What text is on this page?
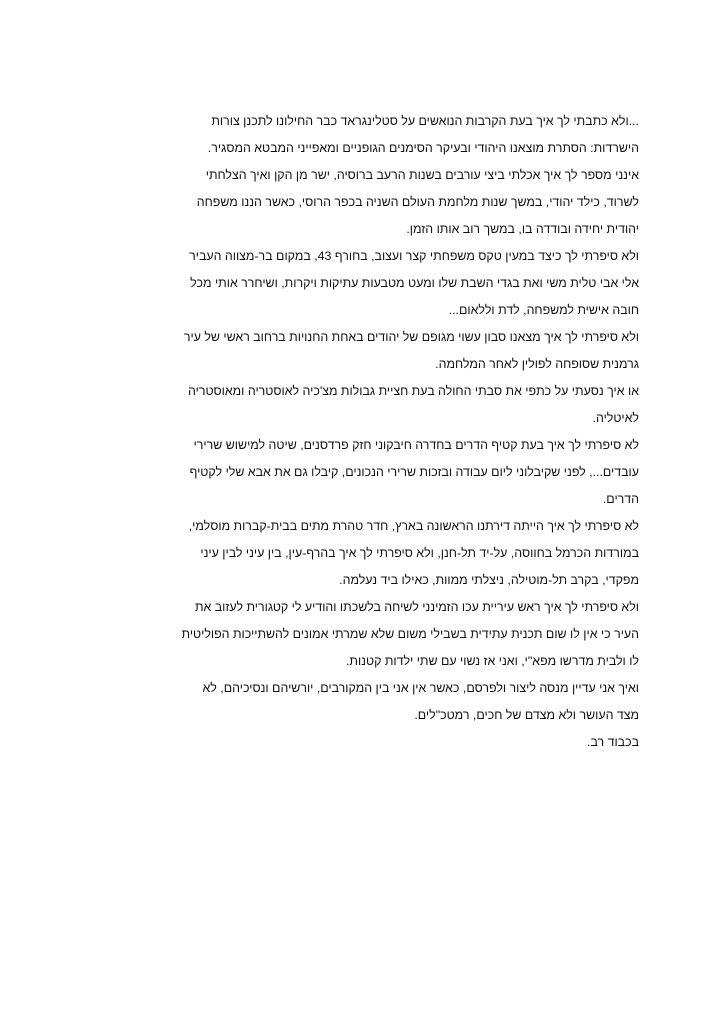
...ולא כתבתי לך איך בעת הקרבות הנואשים על סטלינגראד כבר החילונו לתכנן צורות
הישרדות: הסתרת מוצאנו היהודי ובעיקר הסימנים הגופניים ומאפייני המבטא המסגיר.
אינני מספר לך איך אכלתי ביצי עורבים בשנות הרעב ברוסיה, ישר מן הקן ואיך הצלחתי
לשרוד, כילד יהודי, במשך שנות מלחמת העולם השניה בכפר הרוסי, כאשר הננו משפחה
יהודית יחידה ובודדה בו, במשך רוב אותו הזמן.
ולא סיפרתי לך כיצד במעין טקס משפחתי קצר ועצוב, בחורף 43, במקום בר-מצווה העביר
אלי אבי טלית משי ואת בגדי השבת שלו ומעט מטבעות עתיקות ויקרות, ושיחרר אותי מכל
חובה אישית למשפחה, לדת וללאום...
ולא סיפרתי לך איך מצאנו סבון עשוי מגופם של יהודים באחת החנויות ברחוב ראשי של עיר
גרמנית שסופחה לפולין לאחר המלחמה.
או איך נסעתי על כתפי את סבתי החולה בעת חציית גבולות מצ'כיה לאוסטריה ומאוסטריה
לאיטליה.
לא סיפרתי לך איך בעת קטיף הדרים בחדרה חיבקוני חזק פרדסנים, שיטה למישוש שרירי
עובדים..., לפני שקיבלוני ליום עבודה ובזכות שרירי הנכונים, קיבלו גם את אבא שלי לקטיף
הדרים.
לא סיפרתי לך איך הייתה דירתנו הראשונה בארץ, חדר טהרת מתים בבית-קברות מוסלמי,
במורדות הכרמל בחווסה, על-יד תל-חנן, ולא סיפרתי לך איך בהרף-עין, בין עיני לבין עיני
מפקדי, בקרב תל-מוטילה, ניצלתי ממוות, כאילו ביד נעלמה.
ולא סיפרתי לך איך ראש עיריית עכו הזמינני לשיחה בלשכתו והודיע לי קטגורית לעזוב את
העיר כי אין לו שום תכנית עתידית בשבילי משום שלא שמרתי אמונים להשתייכות הפוליטית
לו ולבית מדרשו מפא"י, ואני אז נשוי עם שתי ילדות קטנות.
ואיך אני עדיין מנסה ליצור ולפרסם, כאשר אין אני בין המקורבים, יורשיהם ונסיכיהם, לא
מצד העושר ולא מצדם של חכים, רמטכ"לים.
בכבוד רב.
